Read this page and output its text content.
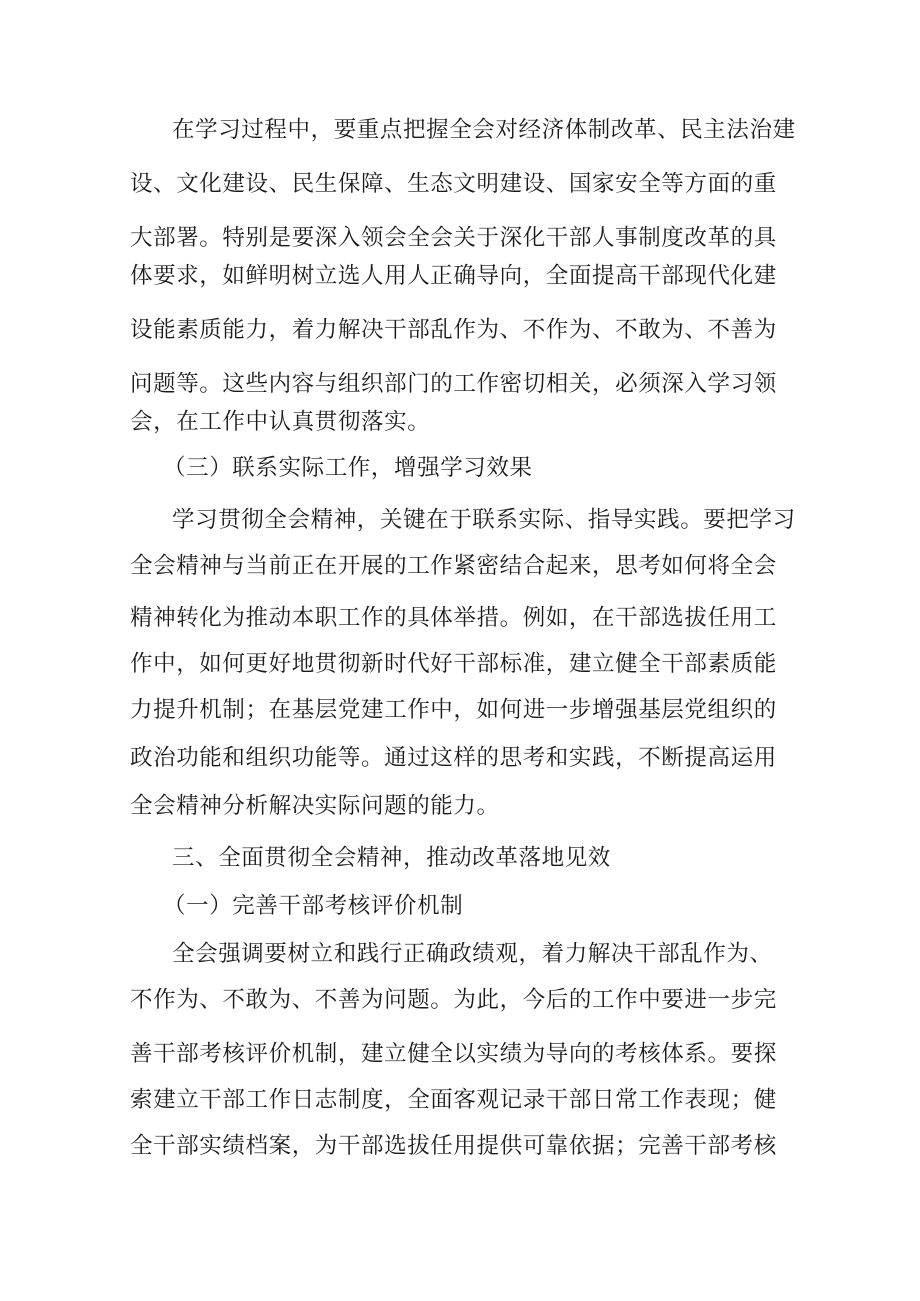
在学习过程中，要重点把握全会对经济体制改革、民主法治建
设、文化建设、民生保障、生态文明建设、国家安全等方面的重
大部署。特别是要深入领会全会关于深化干部人事制度改革的具
体要求，如鲜明树立选人用人正确导向，全面提高干部现代化建
设能素质能力，着力解决干部乱作为、不作为、不敢为、不善为
问题等。这些内容与组织部门的工作密切相关，必须深入学习领
会，在工作中认真贯彻落实。
（三）联系实际工作，增强学习效果
学习贯彻全会精神，关键在于联系实际、指导实践。要把学习
全会精神与当前正在开展的工作紧密结合起来，思考如何将全会
精神转化为推动本职工作的具体举措。例如，在干部选拔任用工
作中，如何更好地贯彻新时代好干部标准，建立健全干部素质能
力提升机制；在基层党建工作中，如何进一步增强基层党组织的
政治功能和组织功能等。通过这样的思考和实践，不断提高运用
全会精神分析解决实际问题的能力。
三、全面贯彻全会精神，推动改革落地见效
（一）完善干部考核评价机制
全会强调要树立和践行正确政绩观，着力解决干部乱作为、
不作为、不敢为、不善为问题。为此，今后的工作中要进一步完
善干部考核评价机制，建立健全以实绩为导向的考核体系。要探
索建立干部工作日志制度，全面客观记录干部日常工作表现；健
全干部实绩档案，为干部选拔任用提供可靠依据；完善干部考核
